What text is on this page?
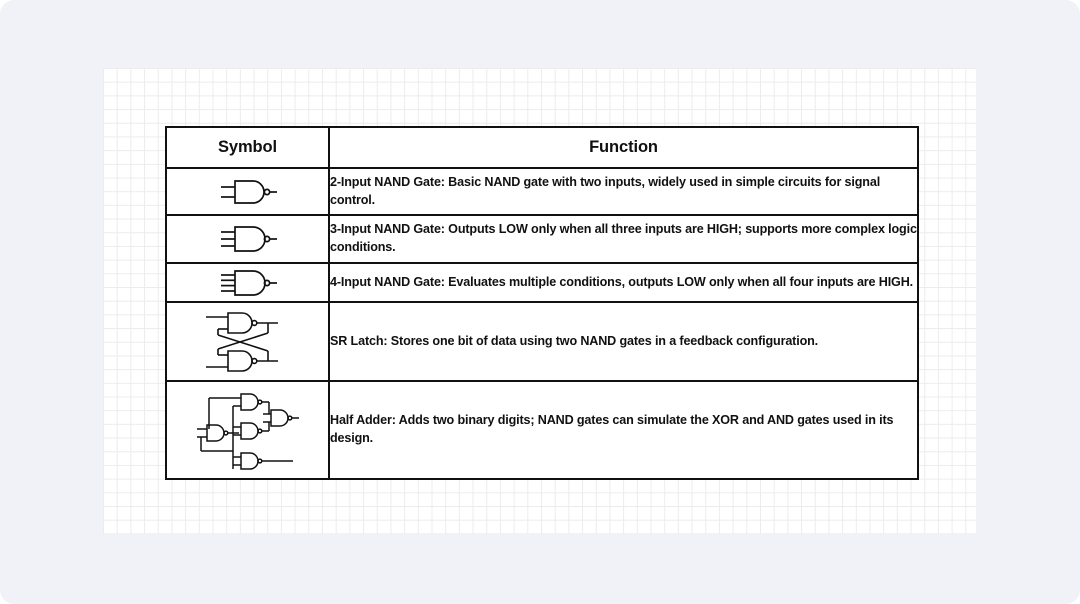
Symbol	Function

	2-Input NAND Gate: Basic NAND gate with two inputs, widely used in simple circuits for signal control.

	3-Input NAND Gate: Outputs LOW only when all three inputs are HIGH; supports more complex logic conditions.

	4-Input NAND Gate: Evaluates multiple conditions, outputs LOW only when all four inputs are HIGH.

	SR Latch: Stores one bit of data using two NAND gates in a feedback configuration.

	Half Adder: Adds two binary digits; NAND gates can simulate the XOR and AND gates used in its design.
